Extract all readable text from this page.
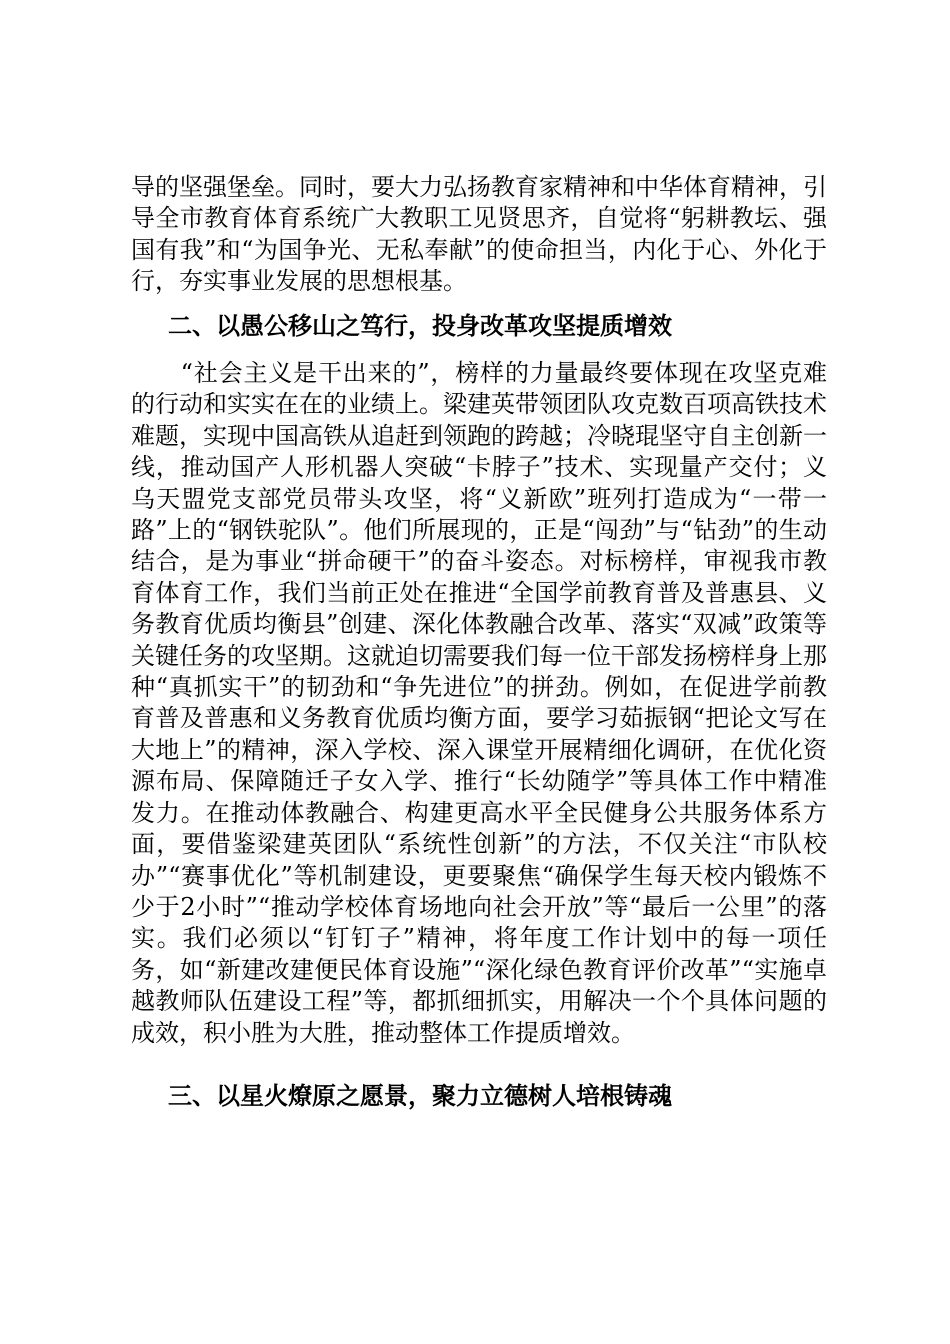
导的坚强堡垒。同时，要大力弘扬教育家精神和中华体育精神，引导全市教育体育系统广大教职工见贤思齐，自觉将“躬耕教坛、强国有我”和“为国争光、无私奉献”的使命担当，内化于心、外化于行，夯实事业发展的思想根基。
二、以愚公移山之笃行，投身改革攻坚提质增效
　　“社会主义是干出来的”，榜样的力量最终要体现在攻坚克难的行动和实实在在的业绩上。梁建英带领团队攻克数百项高铁技术难题，实现中国高铁从追赶到领跑的跨越；冷晓琨坚守自主创新一线，推动国产人形机器人突破“卡脖子”技术、实现量产交付；义乌天盟党支部党员带头攻坚，将“义新欧”班列打造成为“一带一路”上的“钢铁驼队”。他们所展现的，正是“闯劲”与“钻劲”的生动结合，是为事业“拼命硬干”的奋斗姿态。对标榜样，审视我市教育体育工作，我们当前正处在推进“全国学前教育普及普惠县、义务教育优质均衡县”创建、深化体教融合改革、落实“双减”政策等关键任务的攻坚期。这就迫切需要我们每一位干部发扬榜样身上那种“真抓实干”的韧劲和“争先进位”的拼劲。例如，在促进学前教育普及普惠和义务教育优质均衡方面，要学习茹振钢“把论文写在大地上”的精神，深入学校、深入课堂开展精细化调研，在优化资源布局、保障随迁子女入学、推行“长幼随学”等具体工作中精准发力。在推动体教融合、构建更高水平全民健身公共服务体系方面，要借鉴梁建英团队“系统性创新”的方法，不仅关注“市队校办”“赛事优化”等机制建设，更要聚焦“确保学生每天校内锻炼不少于2小时”“推动学校体育场地向社会开放”等“最后一公里”的落实。我们必须以“钉钉子”精神，将年度工作计划中的每一项任务，如“新建改建便民体育设施”“深化绿色教育评价改革”“实施卓越教师队伍建设工程”等，都抓细抓实，用解决一个个具体问题的成效，积小胜为大胜，推动整体工作提质增效。
三、以星火燎原之愿景，聚力立德树人培根铸魂
